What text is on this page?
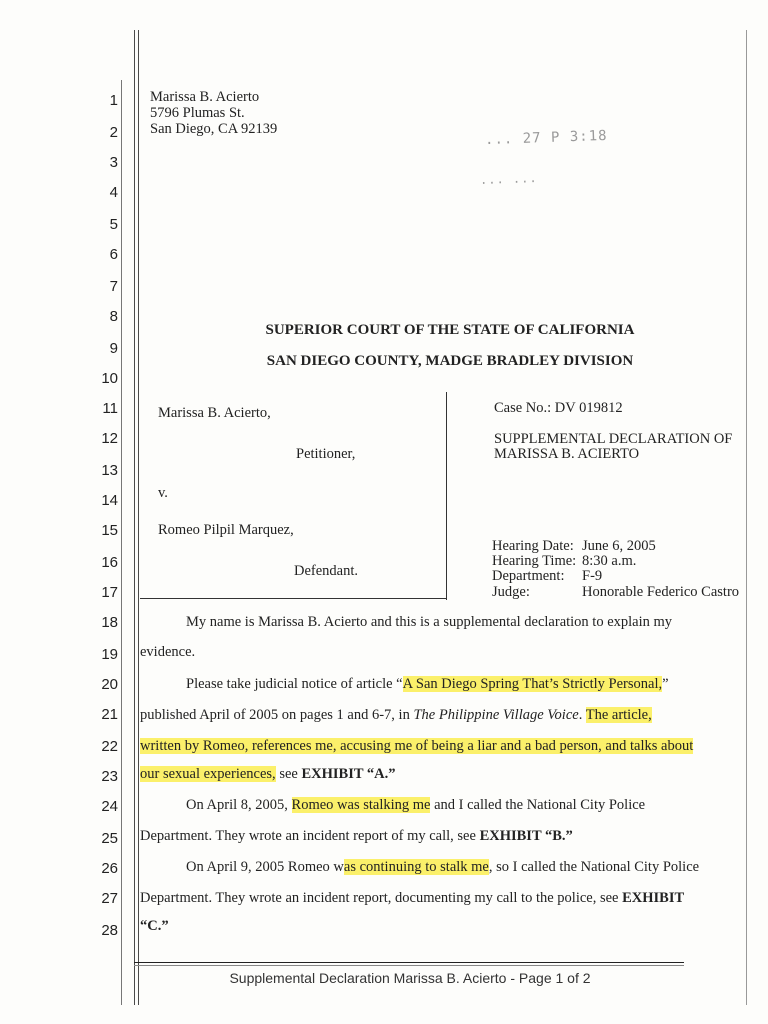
1
2
3
4
5
6
7
8
9
10
11
12
13
14
15
16
17
18
19
20
21
22
23
24
25
26
27
28
Marissa B. Acierto
5796 Plumas St.
San Diego, CA 92139	... 27 P 3:18
... ...
SUPERIOR COURT OF THE STATE OF CALIFORNIA
SAN DIEGO COUNTY, MADGE BRADLEY DIVISION
Marissa B. Acierto,
Petitioner,
v.
Romeo Pilpil Marquez,
Defendant.
Case No.: DV 019812
SUPPLEMENTAL DECLARATION OF
MARISSA B. ACIERTO
Hearing Date: June 6, 2005
Hearing Time: 8:30 a.m.
Department: F-9
Judge:	Honorable Federico Castro
My name is Marissa B. Acierto and this is a supplemental declaration to explain my
evidence.
Please take judicial notice of article “A San Diego Spring That’s Strictly Personal,”
published April of 2005 on pages 1 and 6-7, in The Philippine Village Voice. The article,
written by Romeo, references me, accusing me of being a liar and a bad person, and talks about
our sexual experiences, see EXHIBIT “A.”
On April 8, 2005, Romeo was stalking me and I called the National City Police
Department. They wrote an incident report of my call, see EXHIBIT “B.”
On April 9, 2005 Romeo was continuing to stalk me, so I called the National City Police
Department. They wrote an incident report, documenting my call to the police, see EXHIBIT
“C.”
Supplemental Declaration Marissa B. Acierto - Page 1 of 2
